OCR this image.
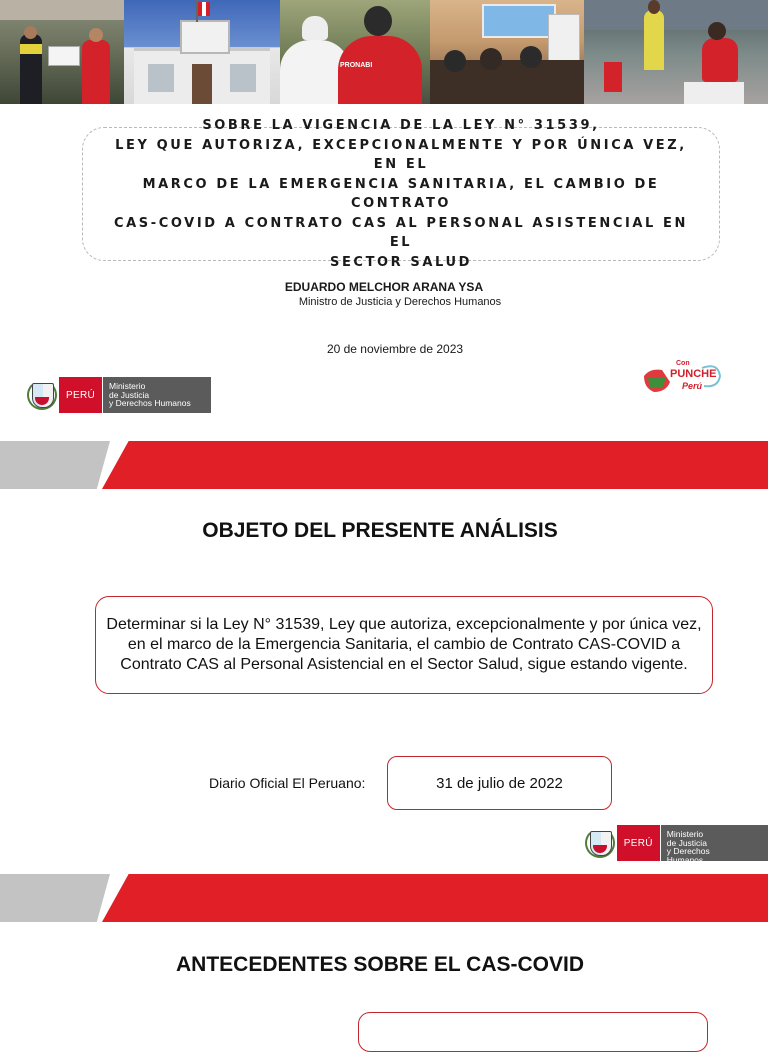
PRONABI
SOBRE LA VIGENCIA DE LA LEY N° 31539,
LEY QUE AUTORIZA, EXCEPCIONALMENTE Y POR ÚNICA VEZ, EN EL
MARCO DE LA EMERGENCIA SANITARIA, EL CAMBIO DE CONTRATO
CAS-COVID A CONTRATO CAS AL PERSONAL ASISTENCIAL EN EL
SECTOR SALUD
EDUARDO MELCHOR ARANA YSA
Ministro de Justicia y Derechos Humanos
20 de noviembre de 2023
PERÚ
Ministerio
de Justicia
y Derechos Humanos
Con
PUNCHE
Perú
OBJETO DEL PRESENTE ANÁLISIS
Determinar si la Ley N° 31539, Ley que autoriza, excepcionalmente y por única vez, en el marco de la Emergencia Sanitaria, el cambio de Contrato CAS-COVID a Contrato CAS al Personal Asistencial en el Sector Salud, sigue estando vigente.
Diario Oficial El Peruano:	31 de julio de 2022
PERÚ
Ministerio
de Justicia
y Derechos Humanos
ANTECEDENTES SOBRE EL CAS-COVID
